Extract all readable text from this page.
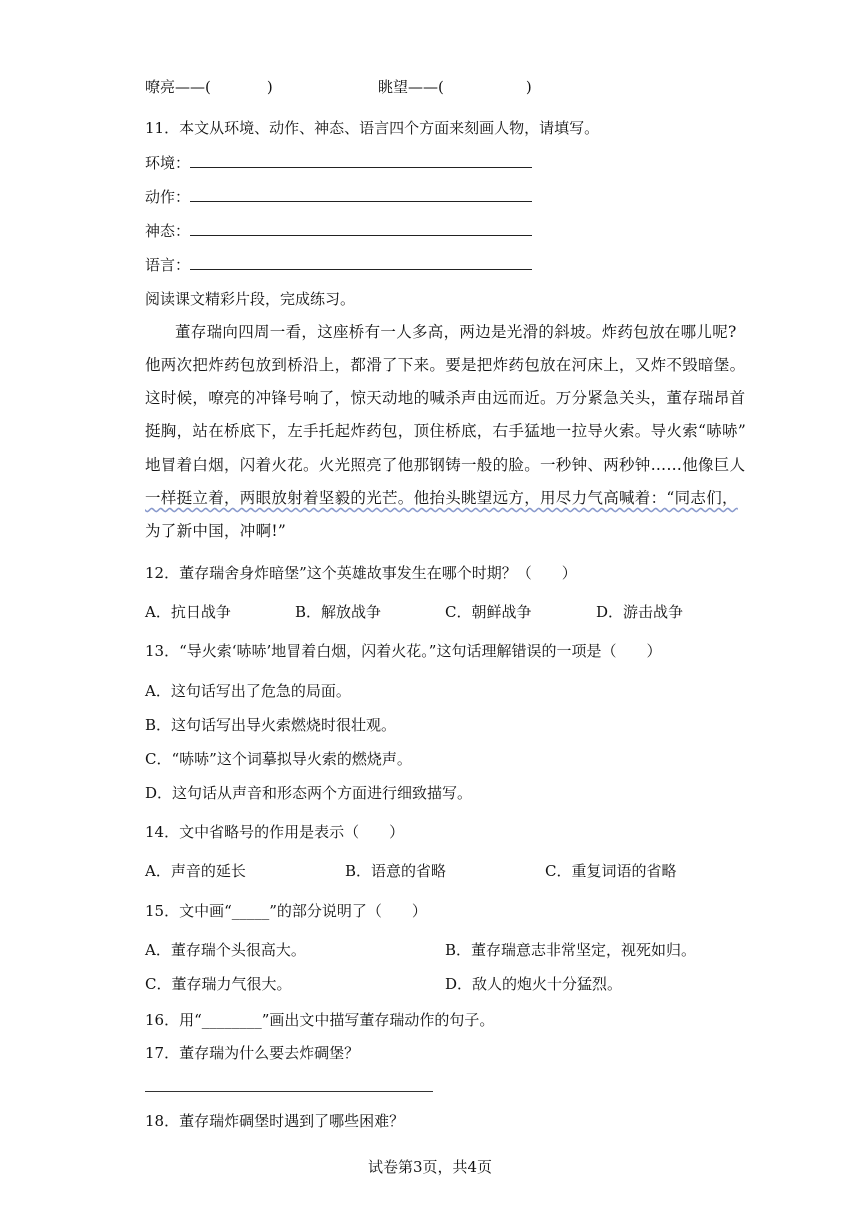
嘹亮——(	)	眺望——(	)
11．本文从环境、动作、神态、语言四个方面来刻画人物，请填写。
环境：
动作：
神态：
语言：
阅读课文精彩片段，完成练习。
董存瑞向四周一看，这座桥有一人多高，两边是光滑的斜坡。炸药包放在哪儿呢?
他两次把炸药包放到桥沿上，都滑了下来。要是把炸药包放在河床上，又炸不毁暗堡。
这时候，嘹亮的冲锋号响了，惊天动地的喊杀声由远而近。万分紧急关头，董存瑞昂首
挺胸，站在桥底下，左手托起炸药包，顶住桥底，右手猛地一拉导火索。导火索“哧哧”
地冒着白烟，闪着火花。火光照亮了他那钢铸一般的脸。一秒钟、两秒钟……他像巨人
一样挺立着，两眼放射着坚毅的光芒。他抬头眺望远方，用尽力气高喊着：“同志们，
为了新中国，冲啊!”
12．董存瑞舍身炸暗堡”这个英雄故事发生在哪个时期？（　　）
A．抗日战争	B．解放战争	C．朝鲜战争	D．游击战争
13．“导火索‘哧哧’地冒着白烟，闪着火花。”这句话理解错误的一项是（　　）
A．这句话写出了危急的局面。
B．这句话写出导火索燃烧时很壮观。
C．“哧哧”这个词摹拟导火索的燃烧声。
D．这句话从声音和形态两个方面进行细致描写。
14．文中省略号的作用是表示（　　）
A．声音的延长	B．语意的省略	C．重复词语的省略
15．文中画“_____”的部分说明了（　　）
A．董存瑞个头很高大。	B．董存瑞意志非常坚定，视死如归。
C．董存瑞力气很大。	D．敌人的炮火十分猛烈。
16．用“________”画出文中描写董存瑞动作的句子。
17．董存瑞为什么要去炸碉堡？
18．董存瑞炸碉堡时遇到了哪些困难？
试卷第3页，共4页
